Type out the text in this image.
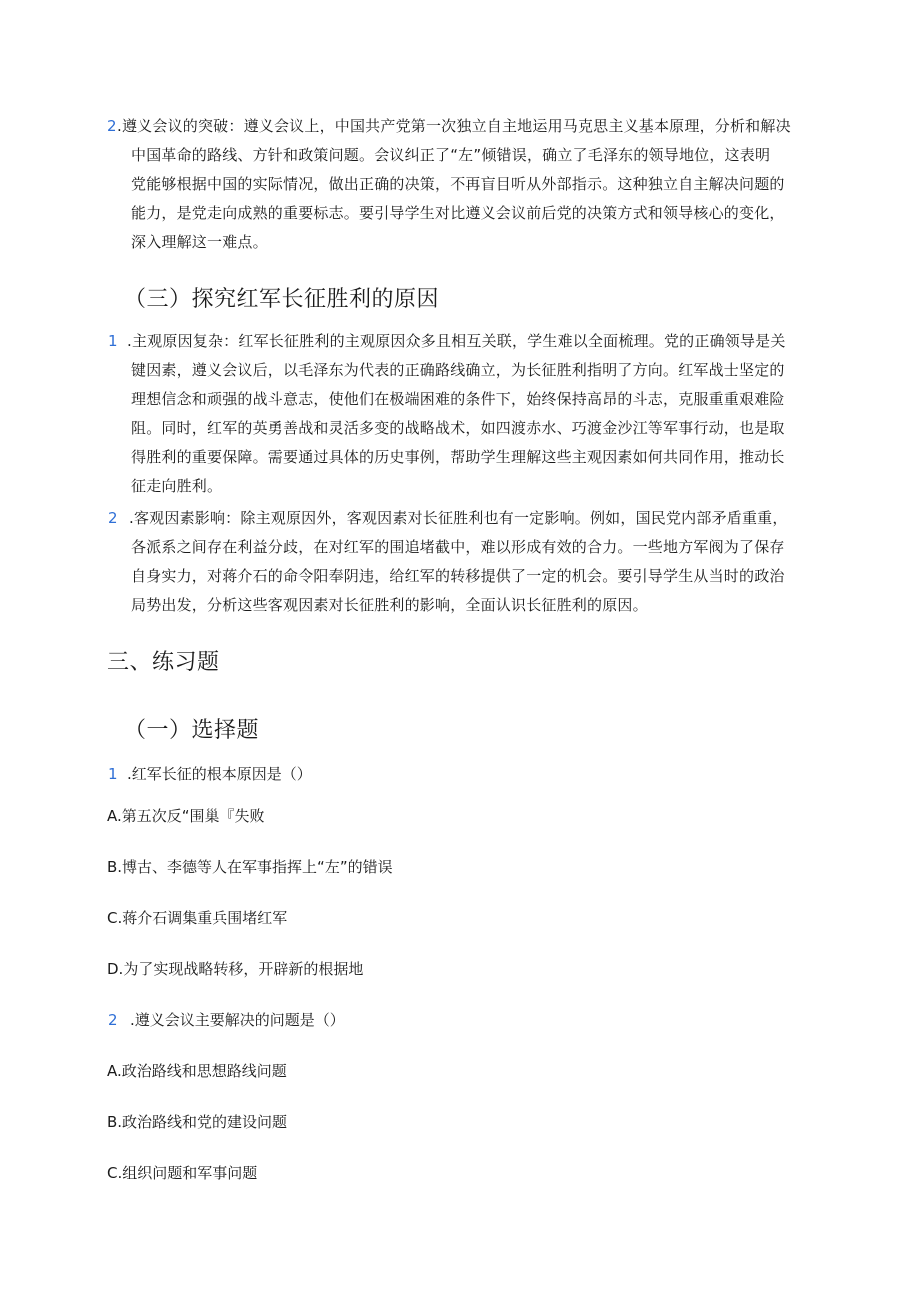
2 .遵义会议的突破：遵义会议上，中国共产党第一次独立自主地运用马克思主义基本原理，分析和解决
中国革命的路线、方针和政策问题。会议纠正了“左”倾错误，确立了毛泽东的领导地位，这表明
党能够根据中国的实际情况，做出正确的决策，不再盲目听从外部指示。这种独立自主解决问题的
能力，是党走向成熟的重要标志。要引导学生对比遵义会议前后党的决策方式和领导核心的变化，
深入理解这一难点。
（三）探究红军长征胜利的原因
1 .主观原因复杂：红军长征胜利的主观原因众多且相互关联，学生难以全面梳理。党的正确领导是关
键因素，遵义会议后，以毛泽东为代表的正确路线确立，为长征胜利指明了方向。红军战士坚定的
理想信念和顽强的战斗意志，使他们在极端困难的条件下，始终保持高昂的斗志，克服重重艰难险
阻。同时，红军的英勇善战和灵活多变的战略战术，如四渡赤水、巧渡金沙江等军事行动，也是取
得胜利的重要保障。需要通过具体的历史事例，帮助学生理解这些主观因素如何共同作用，推动长
征走向胜利。
2 .客观因素影响：除主观原因外，客观因素对长征胜利也有一定影响。例如，国民党内部矛盾重重，
各派系之间存在利益分歧，在对红军的围追堵截中，难以形成有效的合力。一些地方军阀为了保存
自身实力，对蒋介石的命令阳奉阴违，给红军的转移提供了一定的机会。要引导学生从当时的政治
局势出发，分析这些客观因素对长征胜利的影响，全面认识长征胜利的原因。
三、练习题
（一）选择题
1 .红军长征的根本原因是（）
A.第五次反“围巢『失败
B.博古、李德等人在军事指挥上“左”的错误
C.蒋介石调集重兵围堵红军
D.为了实现战略转移，开辟新的根据地
2 .遵义会议主要解决的问题是（）
A.政治路线和思想路线问题
B.政治路线和党的建设问题
C.组织问题和军事问题
